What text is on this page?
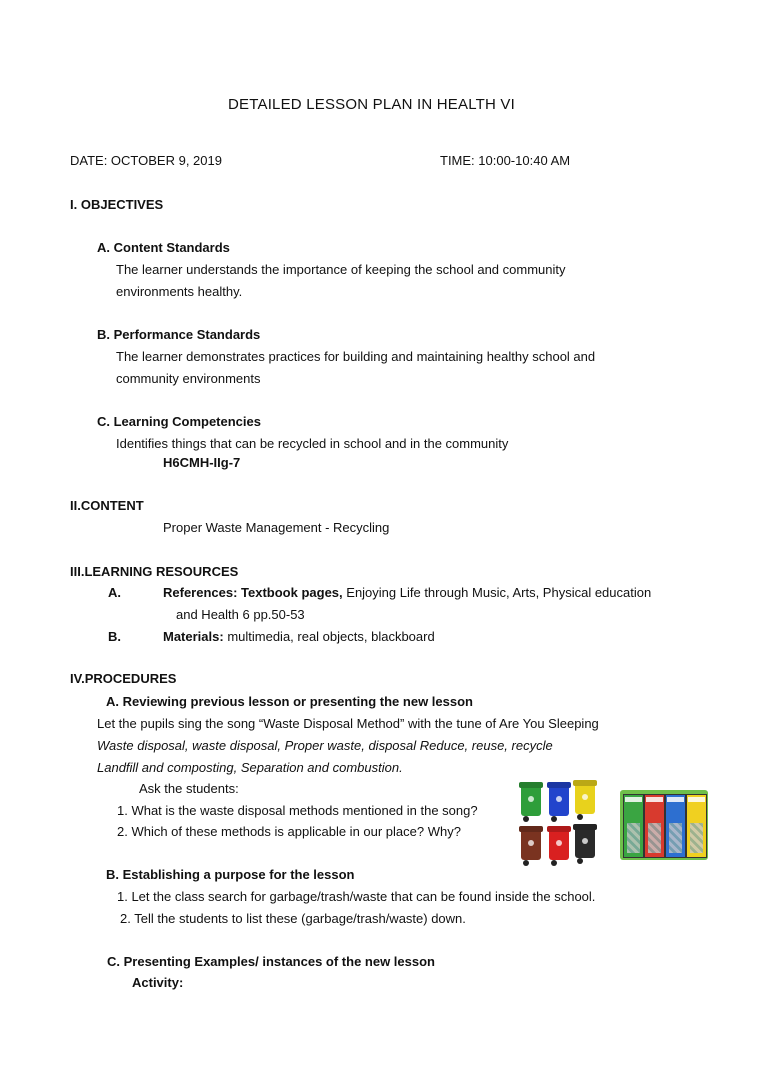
DETAILED LESSON PLAN IN HEALTH VI
DATE: OCTOBER 9, 2019	TIME: 10:00-10:40 AM
I. OBJECTIVES
A. Content Standards
The learner understands the importance of keeping the school and community
environments healthy.
B. Performance Standards
The learner demonstrates practices for building and maintaining healthy school and
community environments
C. Learning Competencies
Identifies things that can be recycled in school and in the community
H6CMH-IIg-7
II.CONTENT
Proper Waste Management - Recycling
III.LEARNING RESOURCES
A.	References: Textbook pages, Enjoying Life through Music, Arts, Physical education
and Health 6 pp.50-53
B.	Materials: multimedia, real objects, blackboard
IV.PROCEDURES
A. Reviewing previous lesson or presenting the new lesson
Let the pupils sing the song “Waste Disposal Method” with the tune of Are You Sleeping
Waste disposal, waste disposal, Proper waste, disposal Reduce, reuse, recycle
Landfill and composting, Separation and combustion.
Ask the students:
1. What is the waste disposal methods mentioned in the song?
2. Which of these methods is applicable in our place? Why?
B. Establishing a purpose for the lesson
1. Let the class search for garbage/trash/waste that can be found inside the school.
2. Tell the students to list these (garbage/trash/waste) down.
C. Presenting Examples/ instances of the new lesson
Activity:
